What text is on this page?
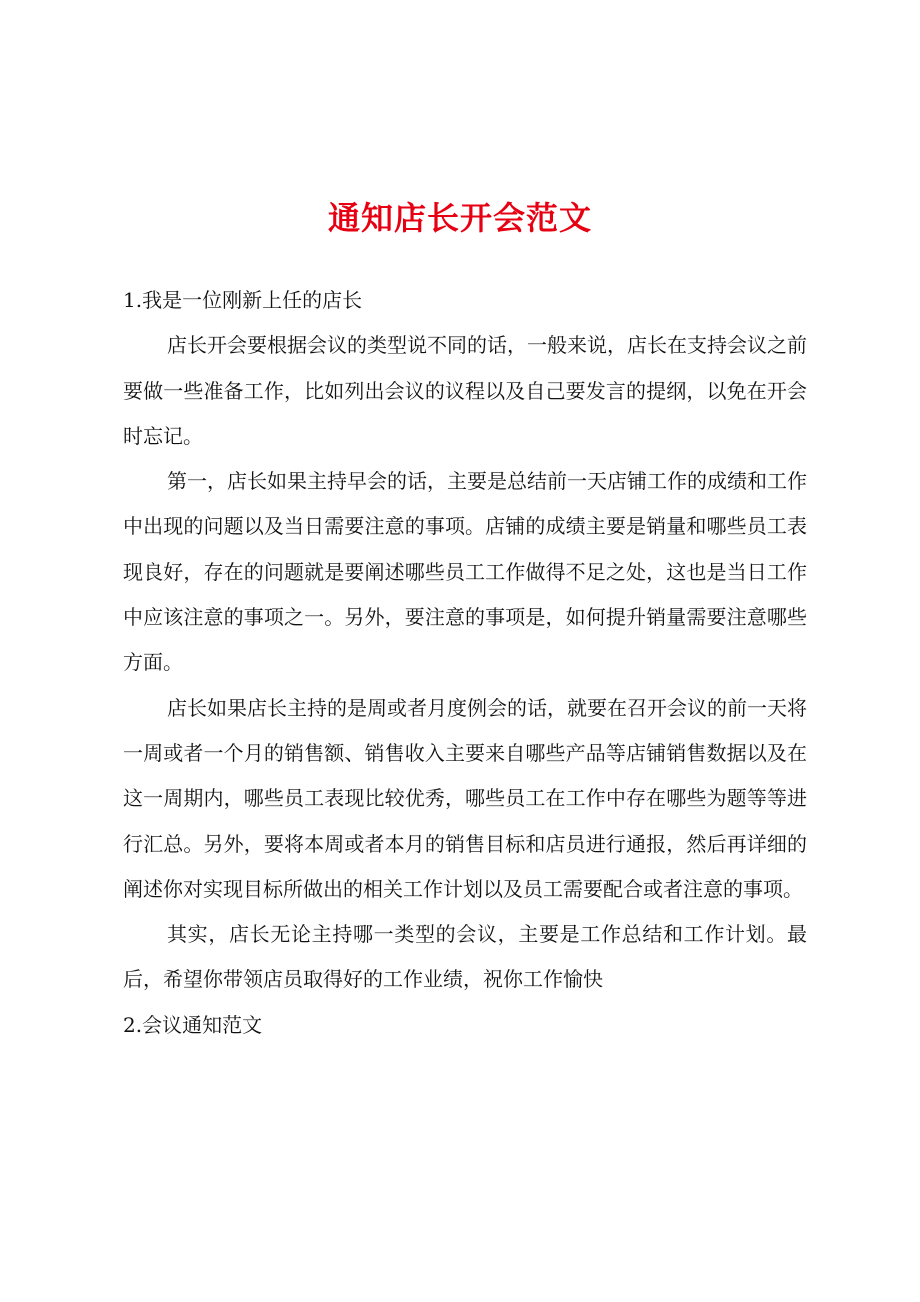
通知店长开会范文

1.我是一位刚新上任的店长

店长开会要根据会议的类型说不同的话，一般来说，店长在支持会议之前要做一些准备工作，比如列出会议的议程以及自己要发言的提纲，以免在开会时忘记。

第一，店长如果主持早会的话，主要是总结前一天店铺工作的成绩和工作中出现的问题以及当日需要注意的事项。店铺的成绩主要是销量和哪些员工表现良好，存在的问题就是要阐述哪些员工工作做得不足之处，这也是当日工作中应该注意的事项之一。另外，要注意的事项是，如何提升销量需要注意哪些方面。

店长如果店长主持的是周或者月度例会的话，就要在召开会议的前一天将一周或者一个月的销售额、销售收入主要来自哪些产品等店铺销售数据以及在这一周期内，哪些员工表现比较优秀，哪些员工在工作中存在哪些为题等等进行汇总。另外，要将本周或者本月的销售目标和店员进行通报，然后再详细的阐述你对实现目标所做出的相关工作计划以及员工需要配合或者注意的事项。

其实，店长无论主持哪一类型的会议，主要是工作总结和工作计划。最后，希望你带领店员取得好的工作业绩，祝你工作愉快

2.会议通知范文
